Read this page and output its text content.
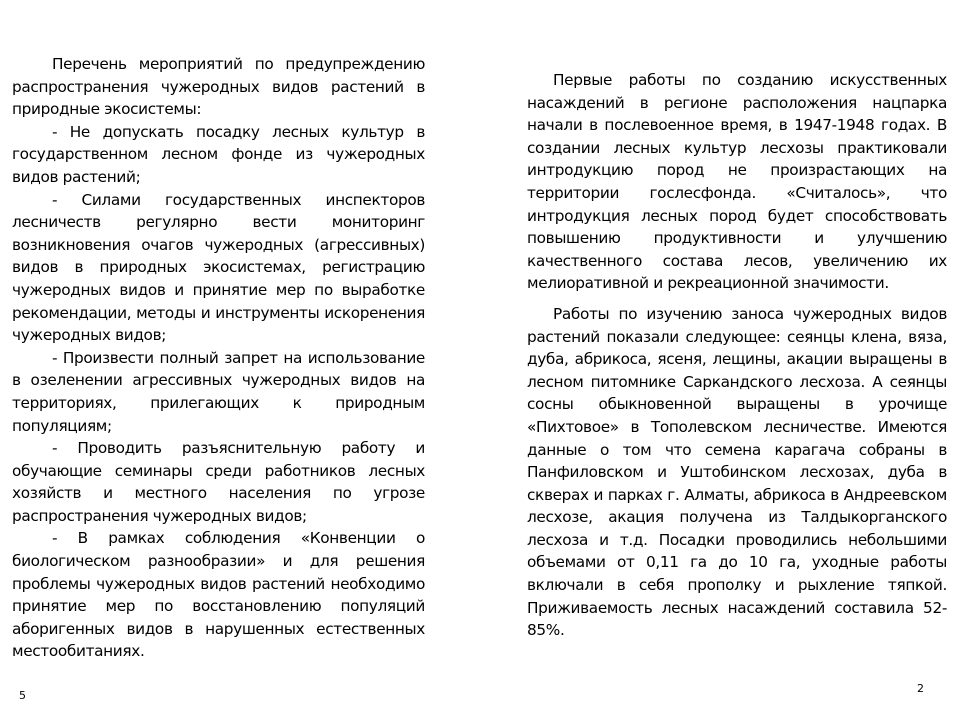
Перечень мероприятий по предупреждению распространения чужеродных видов растений в природные экосистемы:

- Не допускать посадку лесных культур в государственном лесном фонде из чужеродных видов растений;

- Силами государственных инспекторов лесничеств регулярно вести мониторинг возникновения очагов чужеродных (агрессивных) видов в природных экосистемах, регистрацию чужеродных видов и принятие мер по выработке рекомендации, методы и инструменты искоренения чужеродных видов;

- Произвести полный запрет на использование в озеленении агрессивных чужеродных видов на территориях, прилегающих к природным популяциям;

- Проводить разъяснительную работу и обучающие семинары среди работников лесных хозяйств и местного населения по угрозе распространения чужеродных видов;

- В рамках соблюдения «Конвенции о биологическом разнообразии» и для решения проблемы чужеродных видов растений необходимо принятие мер по восстановлению популяций аборигенных видов в нарушенных естественных местообитаниях.

Первые работы по созданию искусственных насаждений в регионе расположения нацпарка начали в послевоенное время, в 1947-1948 годах. В создании лесных культур лесхозы практиковали интродукцию пород не произрастающих на территории гослесфонда. «Считалось», что интродукция лесных пород будет способствовать повышению продуктивности и улучшению качественного состава лесов, увеличению их мелиоративной и рекреационной значимости.

Работы по изучению заноса чужеродных видов растений показали следующее: сеянцы клена, вяза, дуба, абрикоса, ясеня, лещины, акации выращены в лесном питомнике Саркандского лесхоза. А сеянцы сосны обыкновенной выращены в урочище «Пихтовое» в Тополевском лесничестве. Имеются данные о том что семена карагача собраны в Панфиловском и Уштобинском лесхозах, дуба в скверах и парках г. Алматы, абрикоса в Андреевском лесхозе, акация получена из Талдыкорганского лесхоза и т.д. Посадки проводились небольшими объемами от 0,11 га до 10 га, уходные работы включали в себя прополку и рыхление тяпкой. Приживаемость лесных насаждений составила 52-85%.

5
2
